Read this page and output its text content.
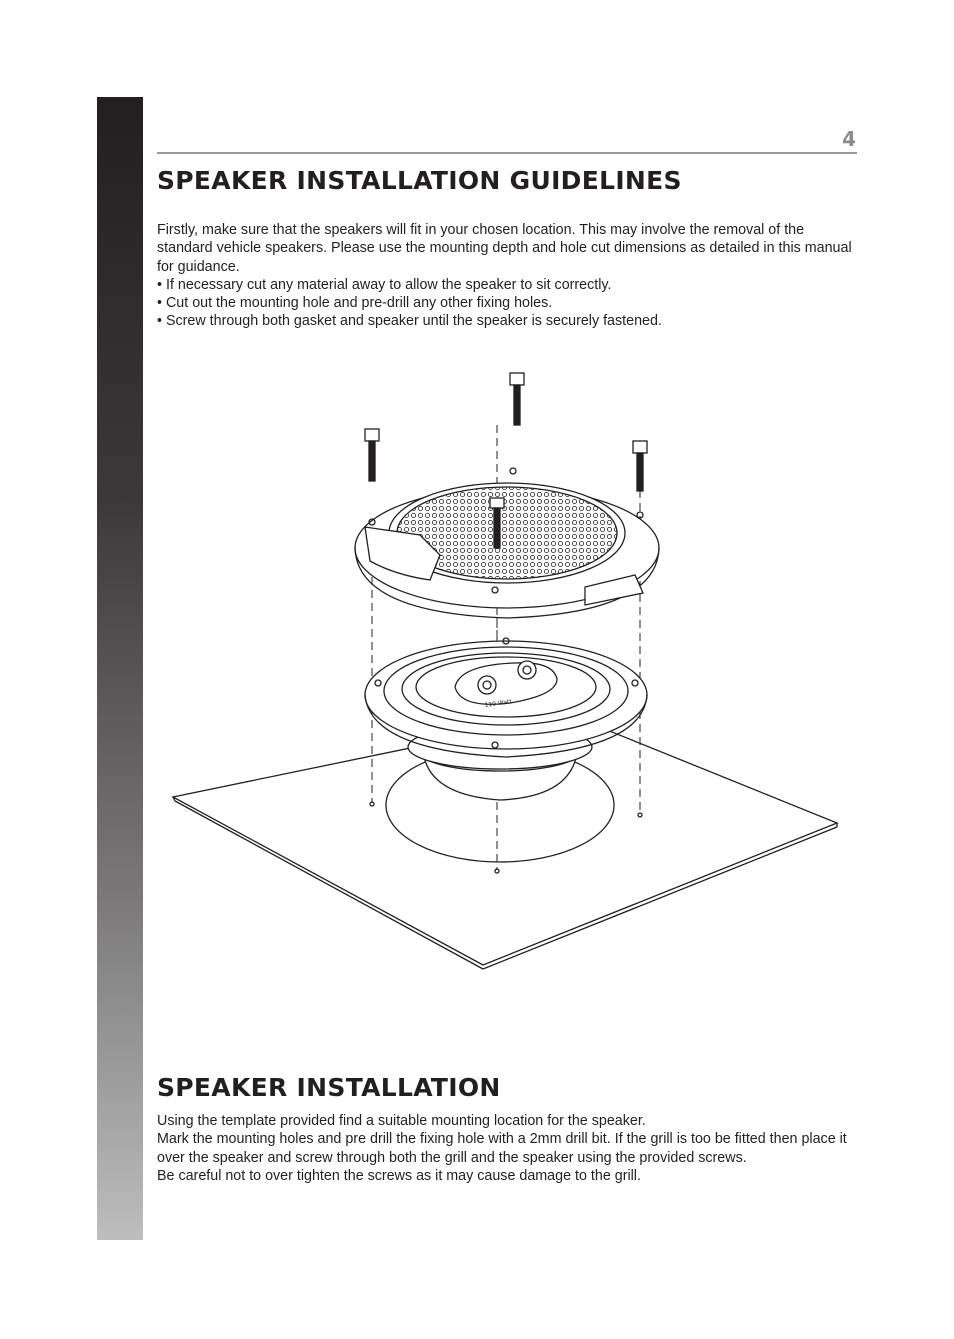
4
SPEAKER INSTALLATION GUIDELINES

Firstly, make sure that the speakers will fit in your chosen location. This may involve the removal of the standard vehicle speakers. Please use the mounting depth and hole cut dimensions as detailed in this manual for guidance.

• If necessary cut any material away to allow the speaker to sit correctly.

• Cut out the mounting hole and pre-drill any other fixing holes.

• Screw through both gasket and speaker until the speaker is securely fastened.

110 Watt
SPEAKER INSTALLATION

Using the template provided find a suitable mounting location for the speaker.

Mark the mounting holes and pre drill the fixing hole with a 2mm drill bit. If the grill is too be fitted then place it over the speaker and screw through both the grill and the speaker using the provided screws.

Be careful not to over tighten the screws as it may cause damage to the grill.
